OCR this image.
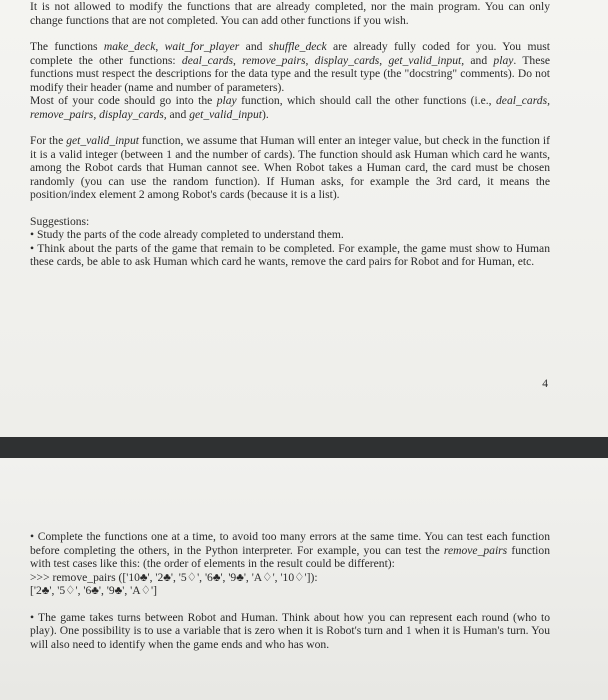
It is not allowed to modify the functions that are already completed, nor the main program. You can only change functions that are not completed. You can add other functions if you wish.

The functions make_deck, wait_for_player and shuffle_deck are already fully coded for you. You must complete the other functions: deal_cards, remove_pairs, display_cards, get_valid_input, and play. These functions must respect the descriptions for the data type and the result type (the "docstring" comments). Do not modify their header (name and number of parameters).

Most of your code should go into the play function, which should call the other functions (i.e., deal_cards, remove_pairs, display_cards, and get_valid_input).

For the get_valid_input function, we assume that Human will enter an integer value, but check in the function if it is a valid integer (between 1 and the number of cards). The function should ask Human which card he wants, among the Robot cards that Human cannot see. When Robot takes a Human card, the card must be chosen randomly (you can use the random function). If Human asks, for example the 3rd card, it means the position/index element 2 among Robot's cards (because it is a list).

Suggestions:

• Study the parts of the code already completed to understand them.

• Think about the parts of the game that remain to be completed. For example, the game must show to Human these cards, be able to ask Human which card he wants, remove the card pairs for Robot and for Human, etc.

4

• Complete the functions one at a time, to avoid too many errors at the same time. You can test each function before completing the others, in the Python interpreter. For example, you can test the remove_pairs function with test cases like this: (the order of elements in the result could be different):

>>> remove_pairs (['10♣', '2♣', '5♢', '6♣', '9♣', 'A♢', '10♢']):

['2♣', '5♢', '6♣', '9♣', 'A♢']

• The game takes turns between Robot and Human. Think about how you can represent each round (who to play). One possibility is to use a variable that is zero when it is Robot's turn and 1 when it is Human's turn. You will also need to identify when the game ends and who has won.
